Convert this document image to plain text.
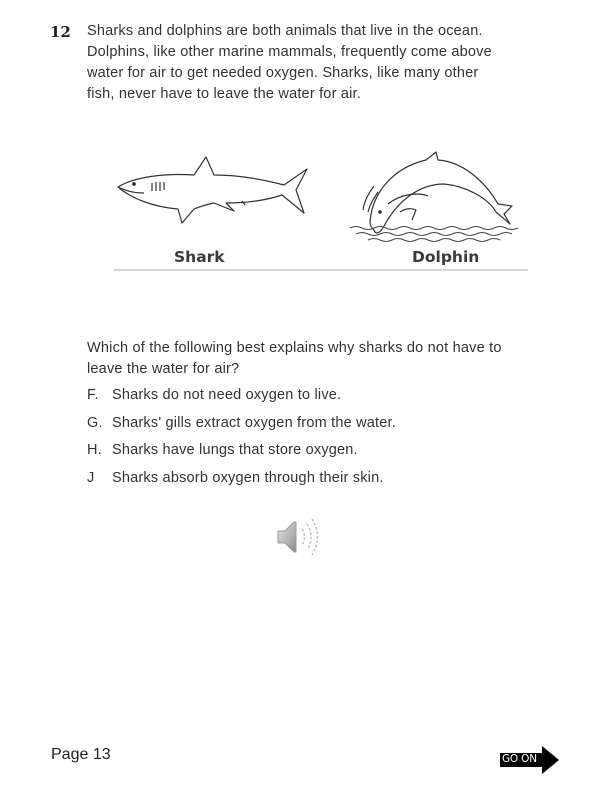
12 Sharks and dolphins are both animals that live in the ocean.

Dolphins, like other marine mammals, frequently come above

water for air to get needed oxygen. Sharks, like many other

fish, never have to leave the water for air.

Shark	Dolphin
Which of the following best explains why sharks do not have to
leave the water for air?
F. Sharks do not need oxygen to live.
G. Sharks' gills extract oxygen from the water.
H. Sharks have lungs that store oxygen.
J	Sharks absorb oxygen through their skin.
Page 13	GO ON
